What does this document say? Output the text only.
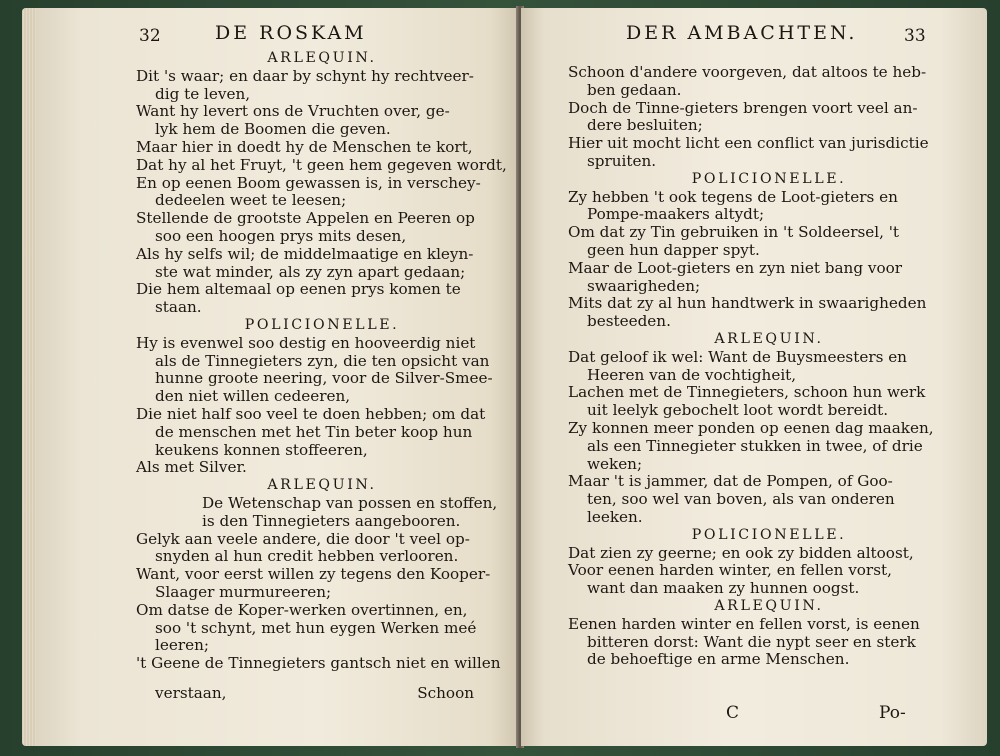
32	DE ROSKAM
ARLEQUIN.
Dit 's waar; en daar by schynt hy rechtveer-
dig te leven,
Want hy levert ons de Vruchten over, ge-
lyk hem de Boomen die geven.
Maar hier in doedt hy de Menschen te kort,
Dat hy al het Fruyt, 't geen hem gegeven wordt,
En op eenen Boom gewassen is, in verschey-
dedeelen weet te leesen;
Stellende de grootste Appelen en Peeren op
soo een hoogen prys mits desen,
Als hy selfs wil; de middelmaatige en kleyn-
ste wat minder, als zy zyn apart gedaan;
Die hem altemaal op eenen prys komen te
staan.
POLICIONELLE.
Hy is evenwel soo destig en hooveerdig niet
als de Tinnegieters zyn, die ten opsicht van
hunne groote neering, voor de Silver-Smee-
den niet willen cedeeren,
Die niet half soo veel te doen hebben; om dat
de menschen met het Tin beter koop hun
keukens konnen stoffeeren,
Als met Silver.
ARLEQUIN.
De Wetenschap van possen en stoffen,
is den Tinnegieters aangebooren.
Gelyk aan veele andere, die door 't veel op-
snyden al hun credit hebben verlooren.
Want, voor eerst willen zy tegens den Kooper-
Slaager murmureeren;
Om datse de Koper-werken overtinnen, en,
soo 't schynt, met hun eygen Werken meé
leeren;
't Geene de Tinnegieters gantsch niet en willen
verstaan,	Schoon
DER AMBACHTEN.	33
Schoon d'andere voorgeven, dat altoos te heb-
ben gedaan.
Doch de Tinne-gieters brengen voort veel an-
dere besluiten;
Hier uit mocht licht een conflict van jurisdictie
spruiten.
POLICIONELLE.
Zy hebben 't ook tegens de Loot-gieters en
Pompe-maakers altydt;
Om dat zy Tin gebruiken in 't Soldeersel, 't
geen hun dapper spyt.
Maar de Loot-gieters en zyn niet bang voor
swaarigheden;
Mits dat zy al hun handtwerk in swaarigheden
besteeden.
ARLEQUIN.
Dat geloof ik wel: Want de Buysmeesters en
Heeren van de vochtigheit,
Lachen met de Tinnegieters, schoon hun werk
uit leelyk gebochelt loot wordt bereidt.
Zy konnen meer ponden op eenen dag maaken,
als een Tinnegieter stukken in twee, of drie
weken;
Maar 't is jammer, dat de Pompen, of Goo-
ten, soo wel van boven, als van onderen
leeken.
POLICIONELLE.
Dat zien zy geerne; en ook zy bidden altoost,
Voor eenen harden winter, en fellen vorst,
want dan maaken zy hunnen oogst.
ARLEQUIN.
Eenen harden winter en fellen vorst, is eenen
bitteren dorst: Want die nypt seer en sterk
de behoeftige en arme Menschen.
C	Po-
